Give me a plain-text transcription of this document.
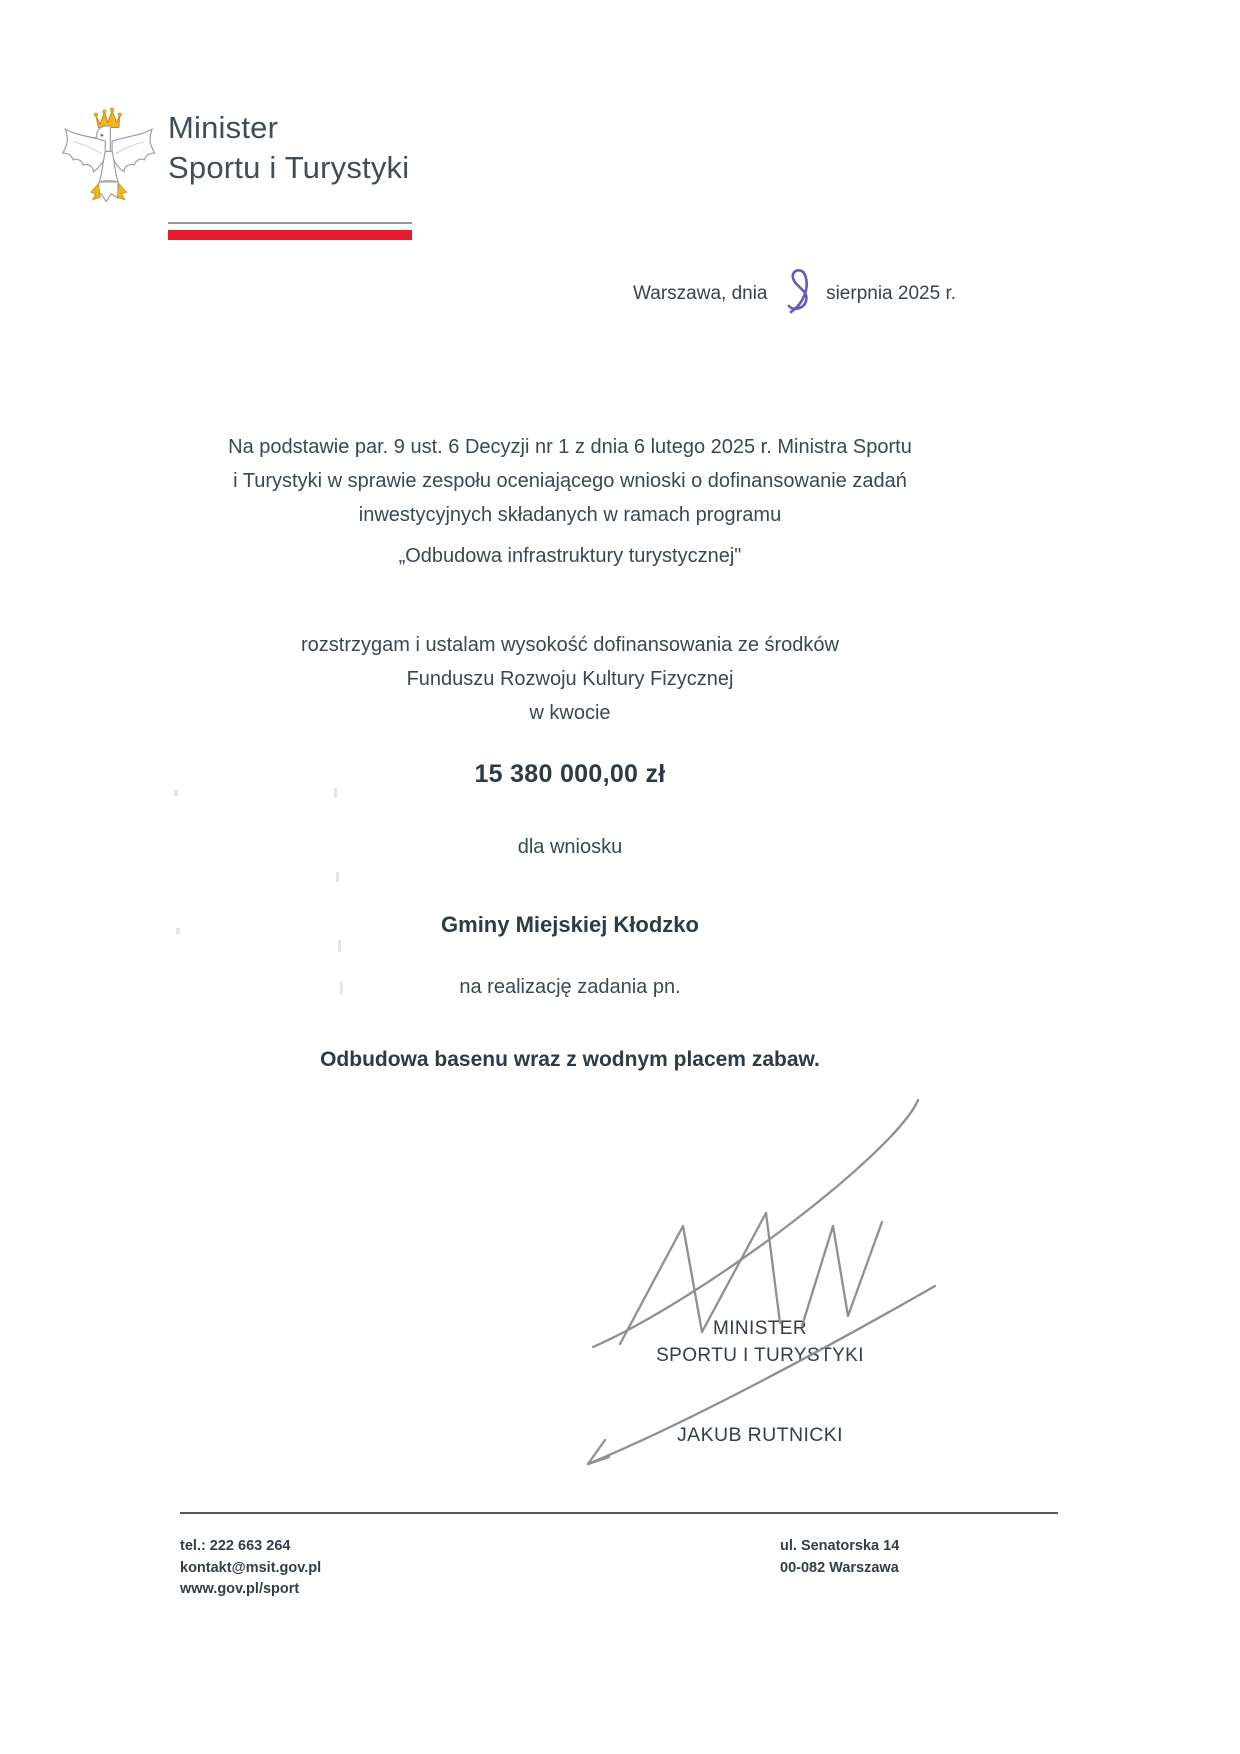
Minister
Sportu i Turystyki
Warszawa, dnia	sierpnia 2025 r.
Na podstawie par. 9 ust. 6 Decyzji nr 1 z dnia 6 lutego 2025 r. Ministra Sportu
i Turystyki w sprawie zespołu oceniającego wnioski o dofinansowanie zadań
inwestycyjnych składanych w ramach programu
„Odbudowa infrastruktury turystycznej"
rozstrzygam i ustalam wysokość dofinansowania ze środków
Funduszu Rozwoju Kultury Fizycznej
w kwocie
15 380 000,00 zł
dla wniosku
Gminy Miejskiej Kłodzko
na realizację zadania pn.
Odbudowa basenu wraz z wodnym placem zabaw.
MINISTER
SPORTU I TURYSTYKI
JAKUB RUTNICKI
tel.: 222 663 264
kontakt@msit.gov.pl
www.gov.pl/sport
ul. Senatorska 14
00-082 Warszawa
